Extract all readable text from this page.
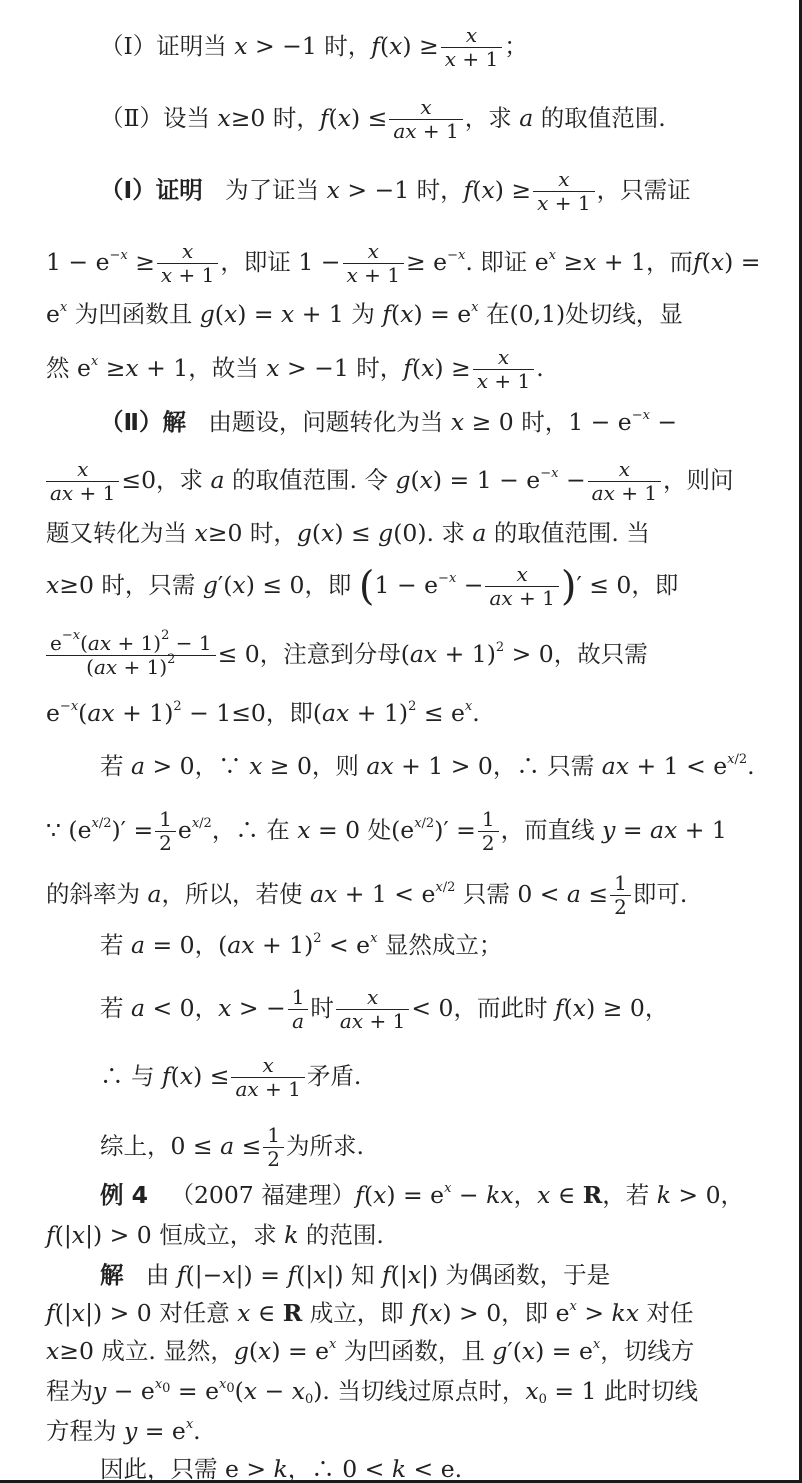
（Ⅰ）证明当 x > −1 时，$f(x) \ge \frac{x}{x + 1}$ ；
（Ⅱ）设当 x≥0 时，$f(x) \le \frac{x}{ax + 1}$ ，求 a 的取值范围.
（Ⅰ）证明   为了证当 x > −1 时，$f(x) \ge \frac{x}{x + 1}$ ，只需证
$1 - e^{-x} \ge \frac{x}{x + 1}$ ，即证 $1 - \frac{x}{x + 1} \ge e^{-x}$. 即证 $e^x \ge x + 1$，而f(x) =
$e^x$ 为凹函数且 g(x) = x + 1 为 $f(x) = e^x$ 在(0,1)处切线，显
然 $e^x \ge x + 1$，故当 x > −1 时，$f(x) \ge \frac{x}{x + 1}$ .
（Ⅱ）解   由题设，问题转化为当 x ≥ 0 时，$1 - e^{-x}$ −
$\frac{x}{ax + 1} \le 0$，求 a 的取值范围. 令 $g(x) = 1 - e^{-x} - \frac{x}{ax + 1}$ ，则问
题又转化为当 x≥0 时，g(x) ≤ g(0). 求 a 的取值范围. 当
x≥0 时，只需 g′(x) ≤ 0，即 ($1 - e^{-x} - \frac{x}{ax + 1}$ )′ ≤ 0，即
$\frac{e^{-x}(ax + 1)^2 - 1}{(ax + 1)^2} \le 0$，注意到分母(ax + 1)$^2$ > 0，故只需
$e^{-x}(ax + 1)^2 - 1\le 0$，即$(ax + 1)^2 \le e^x$.
若 a > 0，∵ x ≥ 0，则 ax + 1 > 0，∴ 只需 ax + $1 < e^{x/2}$.
∵ $(e^{x/2})' = \frac{1}{2} e^{x/2}$，∴ 在 x = 0 处$(e^{x/2})' = \frac{1}{2}$ ，而直线 y = ax + 1
的斜率为 a，所以，若使 ax + $1 < e^{x/2}$ 只需 $0 < a \le \frac{1}{2}$ 即可.
若 a = 0，$(ax + 1)^2 < e^x$ 显然成立；
若 a < 0，x > − $\frac{1}{a}$ 时 $\frac{x}{ax + 1} < 0$，而此时 f(x) ≥ 0，
∴ 与 $f(x) \le \frac{x}{ax + 1}$ 矛盾.
综上，$0 \le a \le \frac{1}{2}$ 为所求.
例 4   （2007 福建理）$f(x) = e^x$ − kx，x ∈ R，若 k > 0，
f(|x|) > 0 恒成立，求 k 的范围.
解   由 f(|−x|) = f(|x|) 知 f(|x|) 为偶函数，于是
f(|x|) > 0 对任意 x ∈ R 成立，即 f(x) > 0，即 $e^x$ > kx 对任
x≥0 成立. 显然，$g(x) = e^x$ 为凹函数，且 $g'(x) = e^x$，切线方
程为$y - e^{x_0} = e^{x_0}(x - x_0)$. 当切线过原点时，$x_0 = 1$ 此时切线
方程为 $y = e^x$.
因此，只需 e > k，∴ 0 < k < e.
